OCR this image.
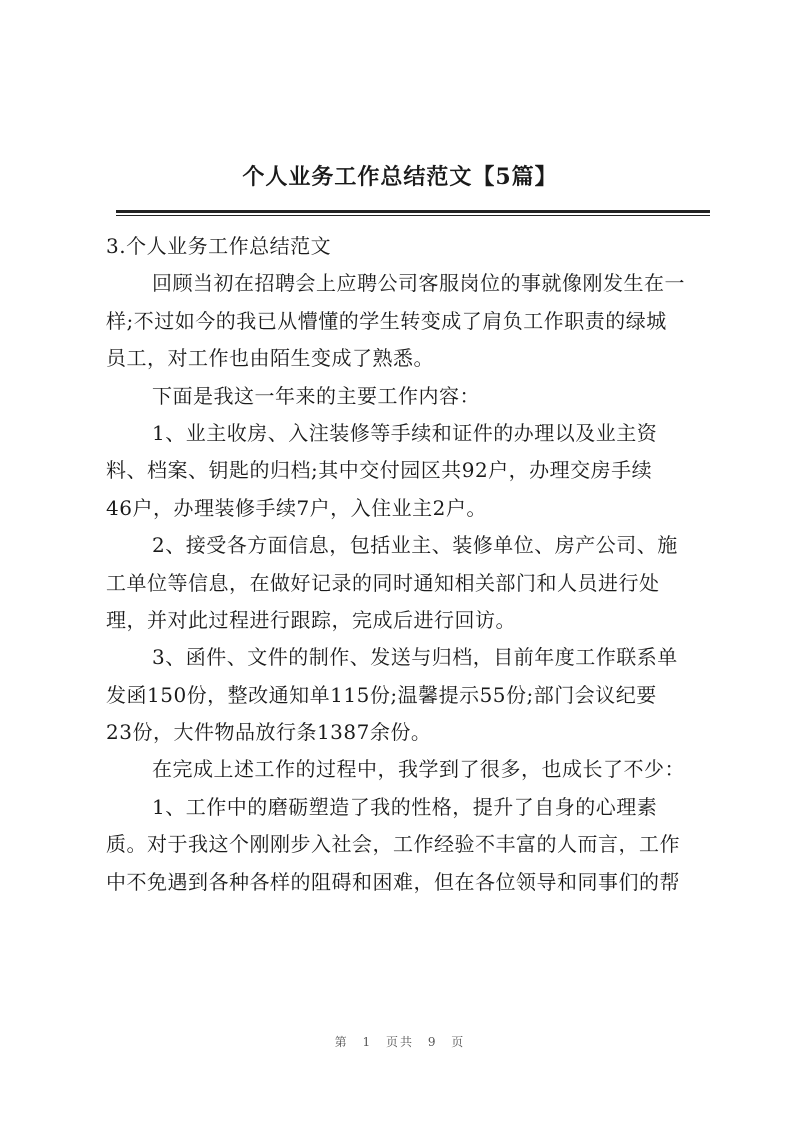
个人业务工作总结范文【5篇】
3.个人业务工作总结范文
回顾当初在招聘会上应聘公司客服岗位的事就像刚发生在一
样;不过如今的我已从懵懂的学生转变成了肩负工作职责的绿城
员工，对工作也由陌生变成了熟悉。
下面是我这一年来的主要工作内容：
1、业主收房、入注装修等手续和证件的办理以及业主资
料、档案、钥匙的归档;其中交付园区共92户，办理交房手续
46户，办理装修手续7户，入住业主2户。
2、接受各方面信息，包括业主、装修单位、房产公司、施
工单位等信息，在做好记录的同时通知相关部门和人员进行处
理，并对此过程进行跟踪，完成后进行回访。
3、函件、文件的制作、发送与归档，目前年度工作联系单
发函150份，整改通知单115份;温馨提示55份;部门会议纪要
23份，大件物品放行条1387余份。
在完成上述工作的过程中，我学到了很多，也成长了不少：
1、工作中的磨砺塑造了我的性格，提升了自身的心理素
质。对于我这个刚刚步入社会，工作经验不丰富的人而言，工作
中不免遇到各种各样的阻碍和困难，但在各位领导和同事们的帮
第 1 页共 9 页
